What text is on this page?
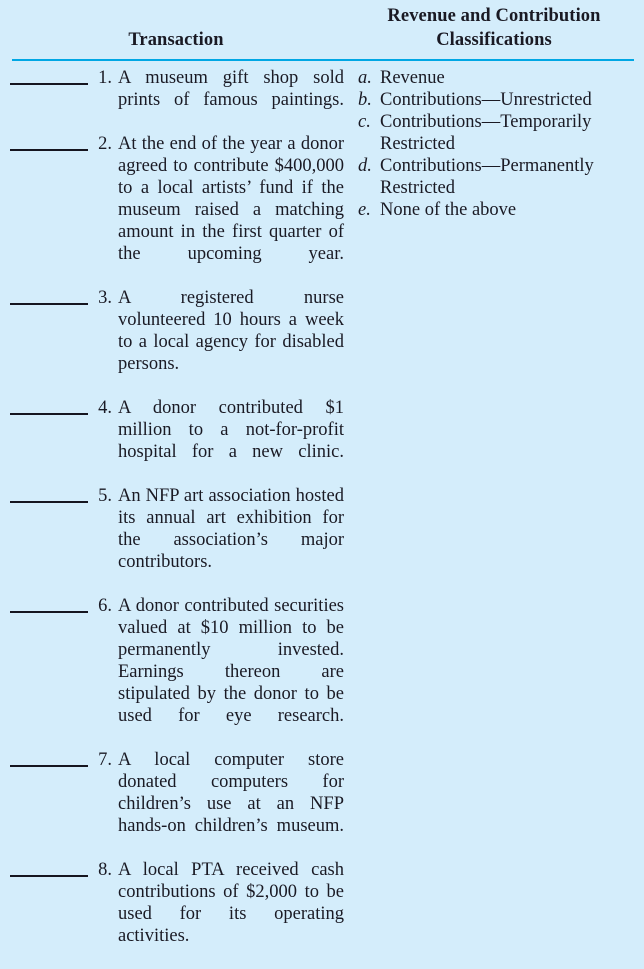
Transaction
Revenue and Contribution
Classifications
1. A museum gift shop sold prints of famous paintings.
2. At the end of the year a donor agreed to contribute $400,000 to a local artists’ fund if the museum raised a matching amount in the first quarter of the upcoming year.
3. A registered nurse volunteered 10 hours a week to a local agency for disabled persons.
4. A donor contributed $1 million to a not-for-profit hospital for a new clinic.
5. An NFP art association hosted its annual art exhibition for the association’s major contributors.
6. A donor contributed securities valued at $10 million to be permanently invested. Earnings thereon are stipulated by the donor to be used for eye research.
7. A local computer store donated computers for children’s use at an NFP hands-on children’s museum.
8. A local PTA received cash contributions of $2,000 to be used for its operating activities.
a. Revenue
b. Contributions—Unrestricted
c. Contributions—Temporarily
Restricted
d. Contributions—Permanently
Restricted
e. None of the above
